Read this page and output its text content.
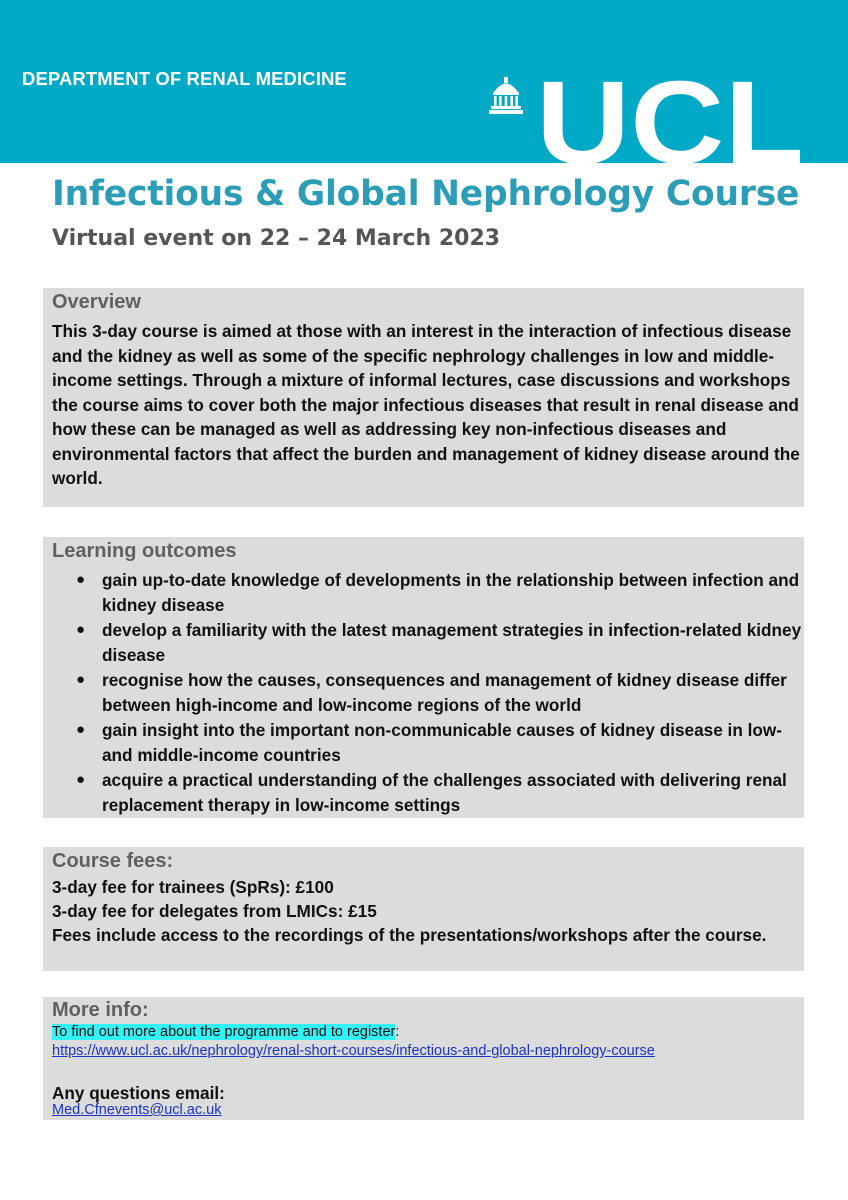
DEPARTMENT OF RENAL MEDICINE UCL
Infectious & Global Nephrology Course
Virtual event on 22 – 24 March 2023
Overview

This 3-day course is aimed at those with an interest in the interaction of infectious disease and the kidney as well as some of the specific nephrology challenges in low and middle-income settings. Through a mixture of informal lectures, case discussions and workshops the course aims to cover both the major infectious diseases that result in renal disease and how these can be managed as well as addressing key non-infectious diseases and environmental factors that affect the burden and management of kidney disease around the world.

Learning outcomes
● gain up-to-date knowledge of developments in the relationship between infection and kidney disease
● develop a familiarity with the latest management strategies in infection-related kidney disease
● recognise how the causes, consequences and management of kidney disease differ between high-income and low-income regions of the world
● gain insight into the important non-communicable causes of kidney disease in low- and middle-income countries
● acquire a practical understanding of the challenges associated with delivering renal replacement therapy in low-income settings
Course fees:
3-day fee for trainees (SpRs): £100
3-day fee for delegates from LMICs: £15

Fees include access to the recordings of the presentations/workshops after the course.

More info:
To find out more about the programme and to register:
https://www.ucl.ac.uk/nephrology/renal-short-courses/infectious-and-global-nephrology-course
Any questions email:
Med.Cfnevents@ucl.ac.uk
